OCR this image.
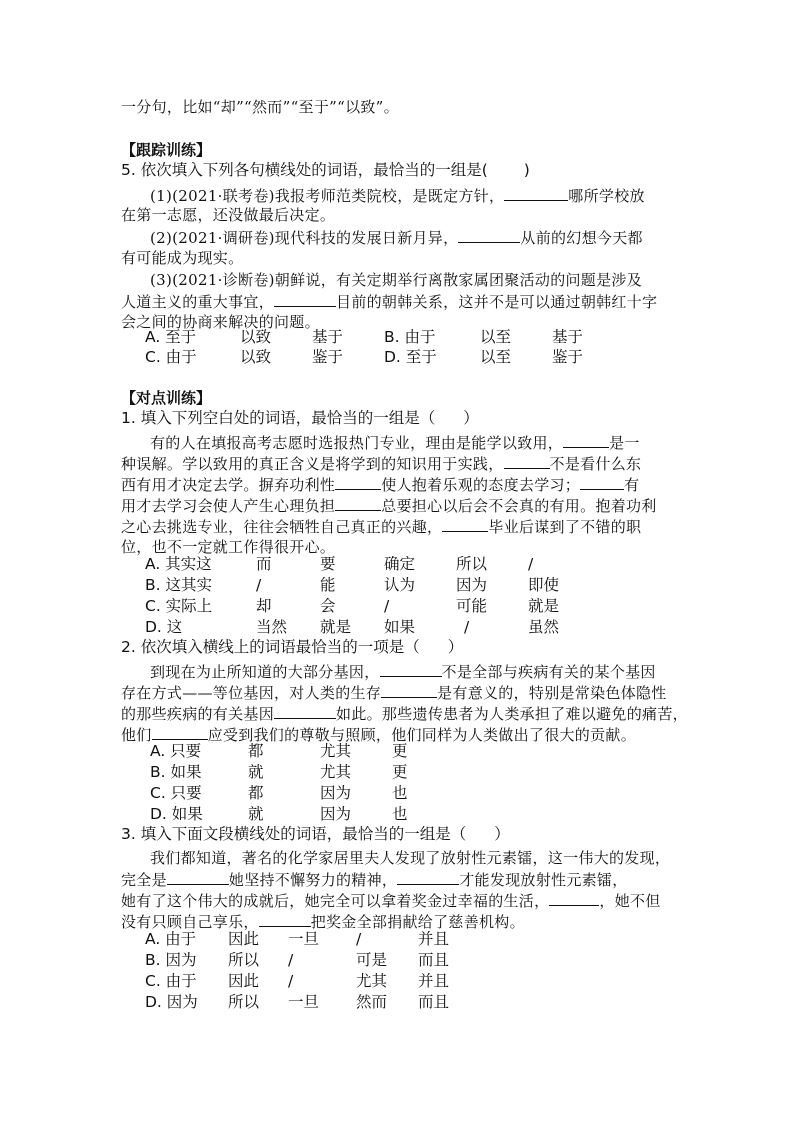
一分句，比如“却”“然而”“至于”“以致”。
【跟踪训练】
5. 依次填入下列各句横线处的词语，最恰当的一组是( )
(1)(2021·联考卷)我报考师范类院校，是既定方针，	哪所学校放
在第一志愿，还没做最后决定。
(2)(2021·调研卷)现代科技的发展日新月异，	从前的幻想今天都
有可能成为现实。
(3)(2021·诊断卷)朝鲜说，有关定期举行离散家属团聚活动的问题是涉及
人道主义的重大事宜，	目前的朝韩关系，这并不是可以通过朝韩红十字
会之间的协商来解决的问题。
A. 至于	以致	基于	B. 由于	以至	基于
C. 由于	以致	鉴于	D. 至于	以至	鉴于
【对点训练】
1. 填入下列空白处的词语，最恰当的一组是（ ）
有的人在填报高考志愿时选报热门专业，理由是能学以致用，	是一
种误解。学以致用的真正含义是将学到的知识用于实践，	不是看什么东
西有用才决定去学。摒弃功利性	使人抱着乐观的态度去学习；	有
用才去学习会使人产生心理负担	总要担心以后会不会真的有用。抱着功利
之心去挑选专业，往往会牺牲自己真正的兴趣，	毕业后谋到了不错的职
位，也不一定就工作得很开心。
A. 其实这	而	要	确定	所以	/
B. 这其实	/	能	认为	因为	即使
C. 实际上	却	会	/	可能	就是
D. 这	当然 就是 如果	/	虽然
2. 依次填入横线上的词语最恰当的一项是（ ）
到现在为止所知道的大部分基因，	不是全部与疾病有关的某个基因
存在方式——等位基因，对人类的生存	是有意义的，特别是常染色体隐性
的那些疾病的有关基因	如此。那些遗传患者为人类承担了难以避免的痛苦，
他们	应受到我们的尊敬与照顾，他们同样为人类做出了很大的贡献。
A. 只要	都	尤其	更
B. 如果	就	尤其	更
C. 只要	都	因为	也
D. 如果	就	因为	也
3. 填入下面文段横线处的词语，最恰当的一组是（ ）
我们都知道，著名的化学家居里夫人发现了放射性元素镭，这一伟大的发现，
完全是	她坚持不懈努力的精神，	才能发现放射性元素镭，
她有了这个伟大的成就后，她完全可以拿着奖金过幸福的生活，	，她不但
没有只顾自己享乐，	把奖金全部捐献给了慈善机构。
A. 由于 因此 一旦 /	并且
B. 因为 所以 /	可是 而且
C. 由于 因此 /	尤其 并且
D. 因为 所以 一旦 然而 而且
